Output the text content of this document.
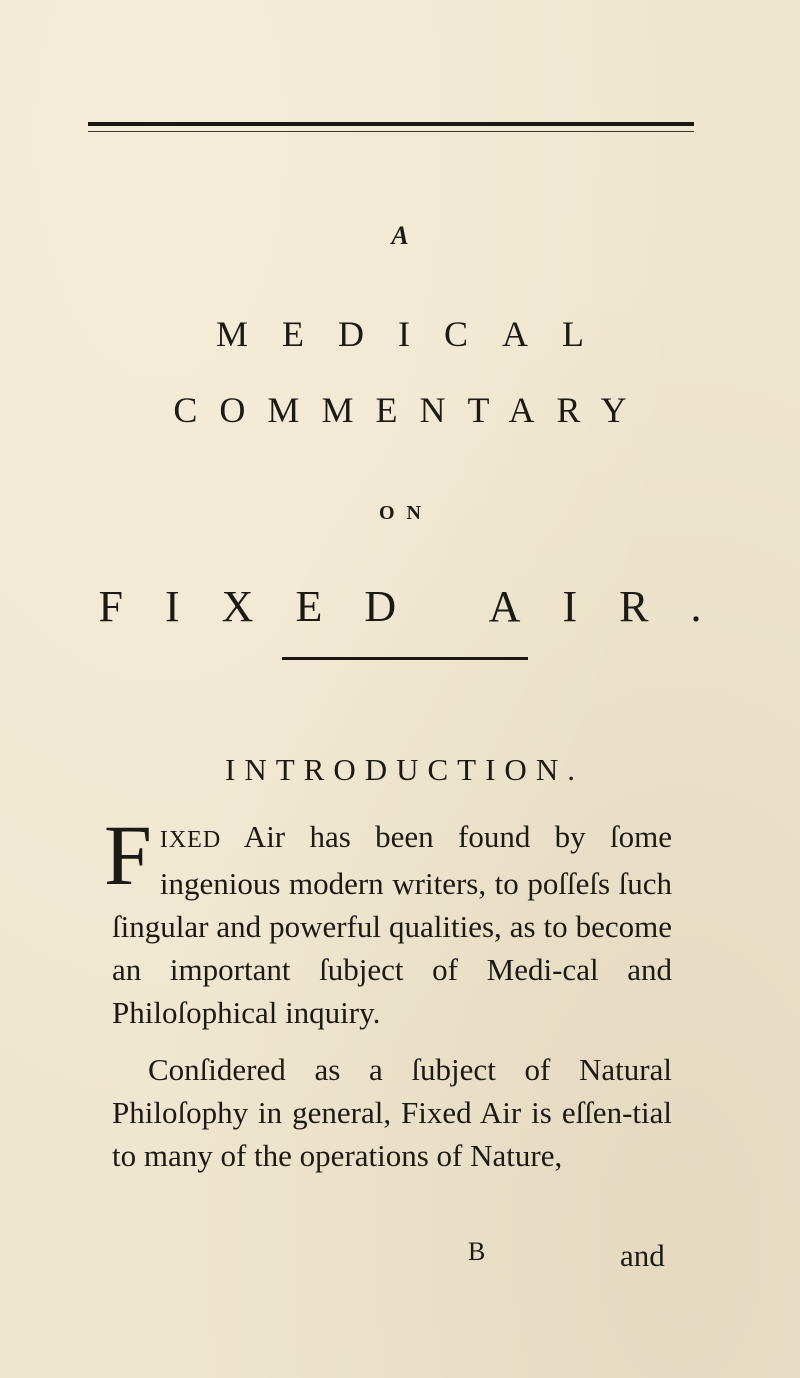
A
MEDICAL
COMMENTARY
ON
FIXED AIR.
INTRODUCTION.
FIXED Air has been found by ſome ingenious modern writers, to poſſeſs ſuch ſingular and powerful qualities, as to become an important ſubject of Medi-cal and Philoſophical inquiry.
Conſidered as a ſubject of Natural Philoſophy in general, Fixed Air is eſſen-tial to many of the operations of Nature,
B	and
